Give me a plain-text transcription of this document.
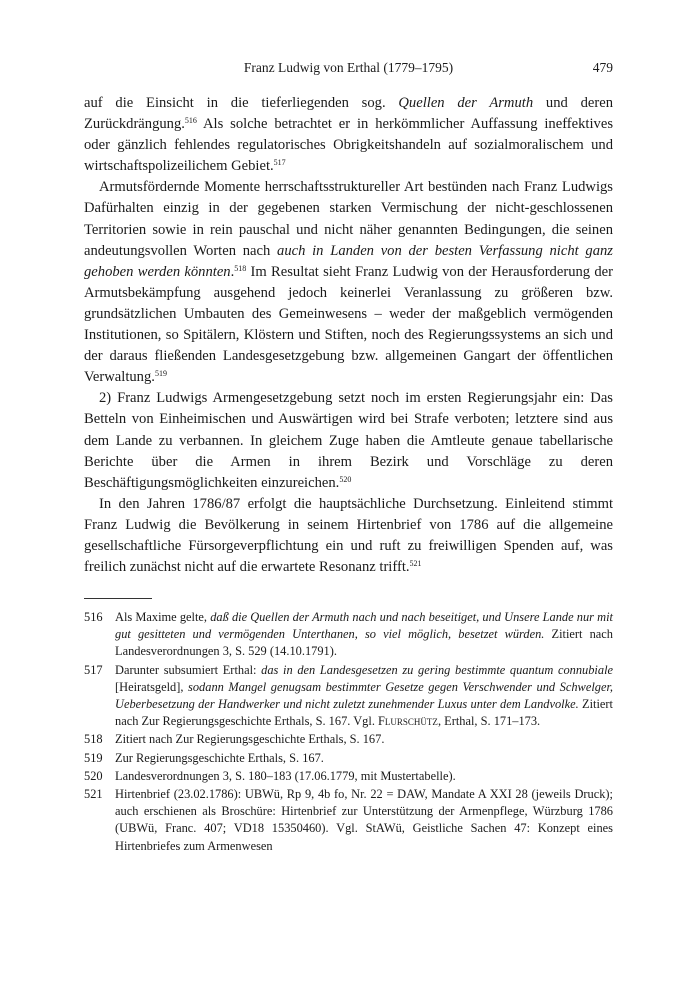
Franz Ludwig von Erthal (1779–1795)	479

auf die Einsicht in die tieferliegenden sog. Quellen der Armuth und deren Zurückdrängung.$^{516}$ Als solche betrachtet er in herkömmlicher Auffassung ineffektives oder gänzlich fehlendes regulatorisches Obrigkeitshandeln auf sozialmoralischem und wirtschaftspolizeilichem Gebiet.$^{517}$

Armutsfördernde Momente herrschaftsstruktureller Art bestünden nach Franz Ludwigs Dafürhalten einzig in der gegebenen starken Vermischung der nicht-geschlossenen Territorien sowie in rein pauschal und nicht näher genannten Bedingungen, die seinen andeutungsvollen Worten nach auch in Landen von der besten Verfassung nicht ganz gehoben werden könnten.$^{518}$ Im Resultat sieht Franz Ludwig von der Herausforderung der Armutsbekämpfung ausgehend jedoch keinerlei Veranlassung zu größeren bzw. grundsätzlichen Umbauten des Gemeinwesens – weder der maßgeblich vermögenden Institutionen, so Spitälern, Klöstern und Stiften, noch des Regierungssystems an sich und der daraus fließenden Landesgesetzgebung bzw. allgemeinen Gangart der öffentlichen Verwaltung.$^{519}$

2) Franz Ludwigs Armengesetzgebung setzt noch im ersten Regierungsjahr ein: Das Betteln von Einheimischen und Auswärtigen wird bei Strafe verboten; letztere sind aus dem Lande zu verbannen. In gleichem Zuge haben die Amtleute genaue tabellarische Berichte über die Armen in ihrem Bezirk und Vorschläge zu deren Beschäftigungsmöglichkeiten einzureichen.$^{520}$

In den Jahren 1786/87 erfolgt die hauptsächliche Durchsetzung. Einleitend stimmt Franz Ludwig die Bevölkerung in seinem Hirtenbrief von 1786 auf die allgemeine gesellschaftliche Fürsorgeverpflichtung ein und ruft zu freiwilligen Spenden auf, was freilich zunächst nicht auf die erwartete Resonanz trifft.$^{521}$

516	Als Maxime gelte, daß die Quellen der Armuth nach und nach beseitiget, und Unsere Lande nur mit gut gesitteten und vermögenden Unterthanen, so viel möglich, besetzet würden. Zitiert nach Landesverordnungen 3, S. 529 (14.10.1791).
517	Darunter subsumiert Erthal: das in den Landesgesetzen zu gering bestimmte quantum connubiale [Heiratsgeld], sodann Mangel genugsam bestimmter Gesetze gegen Verschwender und Schwelger, Ueberbesetzung der Handwerker und nicht zuletzt zunehmender Luxus unter dem Landvolke. Zitiert nach Zur Regierungsgeschichte Erthals, S. 167. Vgl. Flurschütz, Erthal, S. 171–173.
518	Zitiert nach Zur Regierungsgeschichte Erthals, S. 167.
519	Zur Regierungsgeschichte Erthals, S. 167.
520	Landesverordnungen 3, S. 180–183 (17.06.1779, mit Mustertabelle).
521	Hirtenbrief (23.02.1786): UBWü, Rp 9, 4b fo, Nr. 22 = DAW, Mandate A XXI 28 (jeweils Druck); auch erschienen als Broschüre: Hirtenbrief zur Unterstützung der Armenpflege, Würzburg 1786 (UBWü, Franc. 407; VD18 15350460). Vgl. StAWü, Geistliche Sachen 47: Konzept eines Hirtenbriefes zum Armenwesen
